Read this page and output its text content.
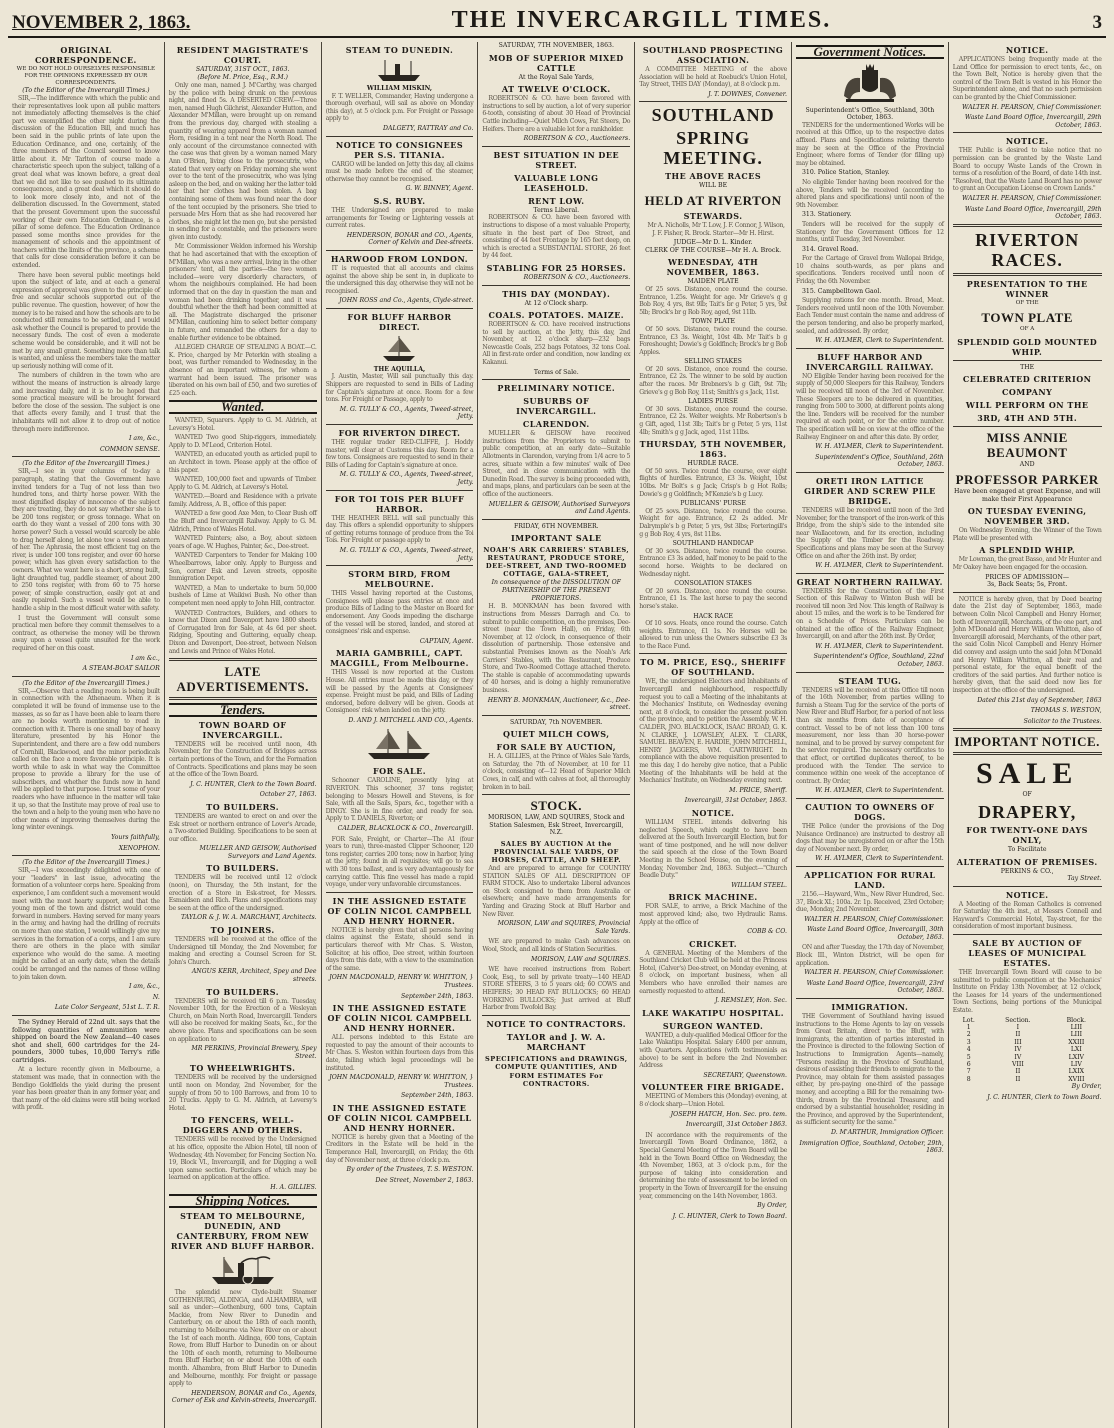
NOVEMBER 2, 1863.	THE INVERCARGILL TIMES.	3
ORIGINAL CORRESPONDENCE.
WE DO NOT HOLD OURSELVES RESPONSIBLE FOR THE OPINIONS EXPRESSED BY OUR CORRESPONDENTS.
(To the Editor of the Invercargill Times.)

SIR,—The indifference with which the public and their representatives look upon all public matters not immediately affecting themselves is the chief part we exemplified the other night during the discussion of the Education Bill, and much has been said in the public prints of late upon the Education Ordinance, and one, certainly, of the three members of the Council seemed to know little about it. Mr Tarlton of course made a characteristic speech upon the subject, talking of a great deal what was known before, a great deal that we did not like to see pushed to its ultimate consequences, and a great deal which it should do to look more closely into, and not of the deliberation discussed. In the Government, stated that the present Government upon the successful working of their own Education Ordinance, is a pillar of some defence. The Education Ordinance passed some months since provides for the management of schools and the appointment of teachers within the limits of the province, a scheme that calls for close consideration before it can be extended.

There have been several public meetings held upon the subject of late, and at each a general expression of approval was given to the principle of free and secular schools supported out of the public revenue. The question, however, of how the money is to be raised and how the schools are to be conducted still remains to be settled, and I would ask whether the Council is prepared to provide the necessary funds. The cost of even a moderate scheme would be considerable, and it will not be met by any small grant. Something more than talk is wanted, and unless the members take the matter up seriously nothing will come of it.

The numbers of children in the town who are without the means of instruction is already large and increasing daily, and it is to be hoped that some practical measure will be brought forward before the close of the session. The subject is one that affects every family, and I trust that the inhabitants will not allow it to drop out of notice through mere indifference.

I am, &c.,
COMMON SENSE.
(To the Editor of the Invercargill Times.)

SIR,—I see in your columns of to-day a paragraph, stating that the Government have invited tenders for a Tug of not less than two hundred tons, and thirty horse power. With the most dignified display of innocence of the subject they are treating, they do not say whether she is to be 200 tons register, or gross tonnage. What on earth do they want a vessel of 200 tons with 30 horse power? Such a vessel would scarcely be able to drag herself along, let alone tow a vessel astern of her. The Aphrasia, the most efficient tug on the river, is under 100 tons register, and over 60 horse power, which has given every satisfaction to the owners. What we want here is a short, strong built, light draughted tug, paddle steamer, of about 200 to 250 tons register, with from 60 to 75 horse power, of simple construction, easily got at and easily repaired. Such a vessel would be able to handle a ship in the most difficult water with safety.

I trust the Government will consult some practical men before they commit themselves to a contract, as otherwise the money will be thrown away upon a vessel quite unsuited for the work required of her on this coast.

I am &c.,
A STEAM-BOAT SAILOR
(To the Editor of the Invercargill Times.)

SIR,—Observe that a reading room is being built in connection with the Athenaeum. When it is completed it will be found of immense use to the masses, as so far as I have been able to learn there are no books worth mentioning to read in connection with it. There is one small bay of heavy literature, presented by his Honor the Superintendent, and there are a few odd numbers of Cornhill, Blackwood, and the minor periodicals called on the face a more favorable principle. It is worth while to ask in what way the Committee propose to provide a library for the use of subscribers, and whether the funds now in hand will be applied to that purpose. I trust some of your readers who have influence in the matter will take it up, so that the Institute may prove of real use to the town and a help to the young men who have no other means of improving themselves during the long winter evenings.

Yours faithfully,
XENOPHON.
(To the Editor of the Invercargill Times.)

SIR,—I was exceedingly delighted with one of your "leaders" in last issue, advocating the formation of a volunteer corps here. Speaking from experience, I am confident such a movement would meet with the most hearty support, and that the young men of the town and district would come forward in numbers. Having served for many years in the army, and having had the drilling of recruits on more than one station, I would willingly give my services in the formation of a corps, and I am sure there are others in the place with similar experience who would do the same. A meeting might be called at an early date, when the details could be arranged and the names of those willing to join taken down.

I am, &c.,
N.
Late Color Sergeant, 51st L. T. R.

The Sydney Herald of 22nd ult. says that the following quantities of ammunition were shipped on board the New Zealand—40 cases shot and shell, 600 cartridges for the 24-pounders, 3000 tubes, 10,000 Terry's rifle cartridges.

At a lecture recently given in Melbourne, a statement was made, that in connection with the Bendigo Goldfields the yield during the present year has been greater than in any former year, and that many of the old claims were still being worked with profit.

RESIDENT MAGISTRATE'S COURT.
SATURDAY, 31ST OCT., 1863.
(Before M. Price, Esq., R.M.)

Only one man, named J. M'Carthy, was charged by the police with being drunk on the previous night, and fined 5s. A DESERTED CREW.—Three men, named Hugh Gilchrist, Alexander Hutton, and Alexander M'Millan, were brought up on remand from the previous day, charged with stealing a quantity of wearing apparel from a woman named Horn, residing in a tent near the North Road. The only account of the circumstance connected with the case was that given by a woman named Mary Ann O'Brien, living close to the prosecutrix, who stated that very early on Friday morning she went over to the tent of the prosecutrix, who was lying asleep on the bed, and on waking her the latter told her that her clothes had been stolen. A bag containing some of them was found near the door of the tent occupied by the prisoners. She tried to persuade Mrs Horn that as she had recovered her clothes, she might let the men go, but she persisted in sending for a constable, and the prisoners were given into custody.

Mr. Commissioner Weldon informed his Worship that he had ascertained that with the exception of M'Millan, who was a new arrival, living in the other prisoners' tent, all the parties—the two women included—were very disorderly characters, of whom the neighbours complained. He had been informed that on the day in question the man and woman had been drinking together, and it was doubtful whether the theft had been committed at all. The Magistrate discharged the prisoner M'Millan, cautioning him to select better company in future, and remanded the others for a day to enable further evidence to be obtained.

ALLEGED CHARGE OF STEALING A BOAT.—C. K. Price, charged by Mr Peterkin with stealing a boat, was further remanded to Wednesday, in the absence of an important witness, for whom a warrant had been issued. The prisoner was liberated on his own bail of £50, and two sureties of £25 each.

Wanted.

WANTED, Squarers. Apply to G. M. Aldrich, at Leversy's Hotel.

WANTED Two good Ship-riggers, immediately. Apply to D. M'Leod, Criterion Hotel.

WANTED, an educated youth as articled pupil to an Architect in town. Please apply at the office of this paper.

WANTED, 100,000 feet and upwards of Timber. Apply to G. M. Aldrich, at Leversy's Hotel.

WANTED.—Board and Residence with a private family. Address, A. B., office of this paper.

WANTED a few good Axe Men, to Clear Bush off the Bluff and Invercargill Railway. Apply to G. M. Aldrich, Prince of Wales Hotel.

WANTED Painters; also, a Boy, about sixteen years of age. W. Hughes, Painter, &c., Dee-street.

WANTED Carpenters to Tender for Making 100 Wheelbarrows, labor only. Apply to Burgess and Son, corner Esk and Leven streets, opposite Immigration Depot.

WANTED, a Man to undertake to burn 50,000 bushels of Lime at Waikiwi Bush. No other than competent men need apply to John Hill, contractor.

WANTED Contractors, Builders, and others to know that Dixon and Davenport have 1800 sheets of Corrugated Iron for Sale, at 4s 6d per sheet. Ridging, Spouting and Guttering, equally cheap. Dixon and Davenport, Dee-street, between Nelson and Lewis and Prince of Wales Hotel.

LATE ADVERTISEMENTS.
Tenders.
TOWN BOARD OF INVERCARGILL.

TENDERS will be received until noon, 4th November, for the Construction of Bridges across certain portions of the Town, and for the Formation of Contracts. Specifications and plans may be seen at the office of the Town Board.

J. C. HUNTER, Clerk to the Town Board.
October 27, 1863.
TO BUILDERS.

TENDERS are wanted to erect on and over the Esk street or northern entrance of Lover's Arcade, a Two-storied Building. Specifications to be seen at our office.

MUELLER AND GEISOW, Authorised Surveyors and Land Agents.
TO BUILDERS.

TENDERS will be received until 12 o'clock (noon), on Thursday, the 5th instant, for the erection of a Store in Esk-street, for Messrs. Esmaidsen and Rich. Plans and specifications may be seen at the office of the undersigned.

TAYLOR & J. W. A. MARCHANT, Architects.
TO JOINERS.

TENDERS will be received at the office of the Undersigned till Monday, the 2nd November, for making and erecting a Counsel Screen for St. John's Church.

ANGUS KERR, Architect, Spey and Dee streets.
TO BUILDERS.

TENDERS will be received till 6 p.m. Tuesday, November 10th, for the Erection of a Wesleyan Church, on Main North Road, Invercargill. Tenders will also be received for making Seats, &c., for the above place. Plans and specifications can be seen on application to

MR PERKINS, Provincial Brewery, Spey Street.
TO WHEELWRIGHTS.

TENDERS will be received by the undersigned until noon on Monday, 2nd November, for the supply of from 50 to 100 Barrows, and from 10 to 20 Trucks. Apply to G. M. Aldrich, at Leversy's Hotel.

TO FENCERS, WELL-DIGGERS AND OTHERS.

TENDERS will be received by the Undersigned at his office, opposite the Albion Hotel, till noon of Wednesday, 4th November, for Fencing Section No. 19, Block VI., Invercargill, and for Digging a well upon same section. Particulars of which may be learned on application at the office.

H. A. GILLIES.
Shipping Notices.
STEAM TO MELBOURNE, DUNEDIN, AND CANTERBURY, FROM NEW RIVER AND BLUFF HARBOR.

The splendid new Clyde-built Steamer GOTHENBURG, ALDINGA, and ALHAMBRA, will sail as under:—Gothenburg, 600 tons, Captain Mackie, from New River to Dunedin and Canterbury, on or about the 18th of each month, returning to Melbourne via New River on or about the 1st of each month. Aldinga, 600 tons, Captain Rowe, from Bluff Harbor to Dunedin on or about the 10th of each month, returning to Melbourne from Bluff Harbor, on or about the 10th of each month. Alhambra, from Bluff Harbor to Dunedin and Melbourne, monthly. For freight or passage apply to

HENDERSON, BONAR and Co., Agents, Corner of Esk and Kelvin-streets, Invercargill.
STEAM TO DUNEDIN.
WILLIAM MISKIN,

F. T. WELLER, Commander, Having undergone a thorough overhaul, will sail as above on Monday (this day), at 5 o'clock p.m. For Freight or Passage apply to

DALGETY, RATTRAY and Co.
NOTICE TO CONSIGNEES PER S.S. TITANIA.

CARGO will be landed on Jetty this day, all claims must be made before the end of the steamer, otherwise they cannot be recognised.

G. W. BINNEY, Agent.
S.S. RUBY.

THE Undersigned are prepared to make arrangements for Towing or Lightering vessels at current rates.

HENDERSON, BONAR and CO., Agents, Corner of Kelvin and Dee-streets.
HARWOOD FROM LONDON.

IT is requested that all accounts and claims against the above ship be sent in, in duplicate to the undersigned this day, otherwise they will not be recognised.

JOHN ROSS and Co., Agents, Clyde-street.
FOR BLUFF HARBOR DIRECT.
THE AQUILLA,

J. Austin, Master, Will sail punctually this day. Shippers are requested to send in Bills of Lading for Captain's signature at once. Room for a few tons. For Freight or Passage, apply to

M. G. TULLY & CO., Agents, Tweed-street, Jetty.
FOR RIVERTON DIRECT.

THE regular trader RED-CLIFFE, J. Hoddy master, will clear at Customs this day. Room for a few tons. Consignees are requested to send in their Bills of Lading for Captain's signature at once.

M. G. TULLY & CO., Agents, Tweed-street, Jetty.
FOR TOI TOIS PER BLUFF HARBOR.

THE HEATHER BELL will sail punctually this day. This offers a splendid opportunity to shippers of getting returns tonnage of produce from the Toi Tois. For Freight or passage apply to

M. G. TULLY & CO., Agents, Tweed-street, Jetty.
STORM BIRD, FROM MELBOURNE.

THIS Vessel having reported at the Customs, Consignees will please pass entries at once and produce Bills of Lading to the Master on Board for endorsement. Any Goods impeding the discharge of the vessel will be stored, landed, and stored at consignees' risk and expense.

CAPTAIN, Agent.
MARIA GAMBRILL, CAPT. MACGILL, From Melbourne.

THIS Vessel is now reported at the Custom House. All entries must be made this day, or they will be passed by the Agents at Consignees' expense. Freight must be paid, and Bills of Lading endorsed, before delivery will be given. Goods at Consignees' risk when landed on the jetty.

D. AND J. MITCHELL AND CO., Agents.
FOR SALE.

Schooner CAROLINE, presently lying at RIVERTON. This schooner, 37 tons register, belonging to Messrs Howell and Stevens, is for Sale, with all the Sails, Spars, &c., together with a DINGY. She is in fine order, and ready for sea. Apply to T. DANIELS, Riverton; or

CALDER, BLACKLOCK & CO., Invercargill.

FOR Sale, Freight, or Charter—The A1 (four years to run), three-masted Clipper Schooner, 120 tons register, carries 200 tons; now in harbor, lying at the jetty; found in all requisites; will go to sea with 30 tons ballast, and is very advantageously for carrying cattle. This fine vessel has made a rapid voyage, under very unfavorable circumstances.

IN THE ASSIGNED ESTATE OF COLIN NICOL CAMPBELL AND HENRY HORNER.

NOTICE is hereby given that all persons having claims against the Estate, should send in particulars thereof with Mr Chas. S. Weston, Solicitor, at his office, Dee street, within fourteen days from this date, with a view to the examination of the same.

JOHN MACDONALD, HENRY W. WHITTON, } Trustees.
September 24th, 1863.
IN THE ASSIGNED ESTATE OF COLIN NICOL CAMPBELL AND HENRY HORNER.

ALL persons indebted to this Estate are requested to pay the amount of their accounts to Mr Chas. S. Weston within fourteen days from this date, failing which legal proceedings will be instituted.

JOHN MACDONALD, HENRY W. WHITTON, } Trustees.
September 24th, 1863.
IN THE ASSIGNED ESTATE OF COLIN NICOL CAMPBELL AND HENRY HORNER.

NOTICE is hereby given that a Meeting of the Creditors in the Estate will be held in the Temperance Hall, Invercargill, on Friday, the 6th day of November next, at three o'clock p.m.

By order of the Trustees, T. S. WESTON.
Dee Street, November 2, 1863.
SATURDAY, 7TH NOVEMBER, 1863.
MOB OF SUPERIOR MIXED CATTLE
At the Royal Sale Yards,
AT TWELVE O'CLOCK.

ROBERTSON & CO. have been favored with instructions to sell by auction, a lot of very superior 6-tooth, consisting of about 30 Head of Provincial Cattle including—Quiet Milch Cows, Fat Steers, Do Heifers. There are a valuable lot for a rankholder.

ROBERTSON & CO., Auctioneers.
BEST SITUATION IN DEE STREET.
VALUABLE LONG LEASEHOLD.
RENT LOW.
Terms Liberal.

ROBERTSON & CO. have been favored with instructions to dispose of a most valuable Property, situate in the best part of Dee Street, and consisting of 44 feet Frontage by 165 feet deep, on which is erected a SUBSTANTIAL STORE, 26 feet by 44 feet.

STABLING FOR 25 HORSES.
ROBERTSON & CO., Auctioneers.
THIS DAY (MONDAY).
At 12 o'Clock sharp.
COALS. POTATOES. MAIZE.

ROBERTSON & CO. have received instructions to sell by auction, at the Jetty, this day, 2nd November, at 12 o'clock sharp—232 bags Newcastle Coals, 252 bags Potatoes, 32 tons Coal. All in first-rate order and condition, now landing ex Kakanui.

Terms of Sale.
PRELIMINARY NOTICE.
SUBURBS OF INVERCARGILL.
CLARENDON.

MUELLER & GEISOW have received instructions from the Proprietors to submit to public competition, at an early date—Suitable Allotments in Clarendon, varying from 1/4 acre to 5 acres, situate within a few minutes' walk of Dee Street, and in close communication with the Dunedin Road. The survey is being proceeded with, and maps, plans, and particulars can be seen at the office of the auctioneers.

MUELLER & GEISOW, Authorised Surveyors and Land Agents.
FRIDAY, 6TH NOVEMBER.
IMPORTANT SALE
NOAH'S ARK CARRIERS' STABLES, RESTAURANT, PRODUCE STORE, DEE-STREET, AND TWO-ROOMED COTTAGE, GALA-STREET,
In consequence of the DISSOLUTION OF PARTNERSHIP OF THE PRESENT PROPRIETORS.

H. B. MONKMAN has been favored with instructions from Messrs Darragh and Co. to submit to public competition, on the premises, Dee-street (near the Town Hall), on Friday, 6th November, at 12 o'clock, in consequence of their dissolution of partnership. Those extensive and substantial Premises known as the Noah's Ark Carriers' Stables, with the Restaurant, Produce Store, and Two-Roomed Cottage attached thereto. The stable is capable of accommodating upwards of 40 horses, and is doing a highly remunerative business.

HENRY B. MONKMAN, Auctioneer, &c., Dee-street.
SATURDAY, 7th NOVEMBER.
QUIET MILCH COWS,
FOR SALE BY AUCTION,

H. A. GILLIES, at the Prince of Wales Sale Yards, on Saturday, the 7th of November, at 10 for 11 o'clock, consisting of—12 Head of Superior Milch Cows, in calf, and with calves at foot, all thoroughly broken in to bail.

STOCK.
MORISON, LAW, AND SQUIRES, Stock and Station Salesmen, Esk Street, Invercargill, N.Z.
SALES BY AUCTION At the PROVINCIAL SALE YARDS, OF HORSES, CATTLE, AND SHEEP.

And are prepared to arrange for COUNTRY STATION SALES OF ALL DESCRIPTION OF FARM STOCK. Also to undertake Liberal advances on Stock consigned to them from Australia or elsewhere; and have made arrangements for Yarding and Grazing Stock at Bluff Harbor and New River.

MORISON, LAW and SQUIRES, Provincial Sale Yards.

WE are prepared to make Cash advances on Wool, Stock, and all kinds of Station Securities.

MORISON, LAW and SQUIRES.

WE have received instructions from Robert Cook, Esq., to sell by private treaty—140 HEAD STORE STEERS, 3 to 5 years old; 60 COWS and HEIFERS; 30 HEAD FAT BULLOCKS; 60 HEAD WORKING BULLOCKS; Just arrived at Bluff Harbor from Twofold Bay.

NOTICE TO CONTRACTORS.
TAYLOR and J. W. A. MARCHANT
SPECIFICATIONS and DRAWINGS, COMPUTE QUANTITIES, AND FORM ESTIMATES For CONTRACTORS.
SOUTHLAND PROSPECTING ASSOCIATION.

A COMMITTEE MEETING of the above Association will be held at Roebuck's Union Hotel, Tay Street, THIS DAY (Monday), at 8 o'clock p.m.

J. T. DOWNES, Convener.
SOUTHLAND
SPRING MEETING.
THE ABOVE RACES
WILL BE
HELD AT RIVERTON
STEWARDS.

Mr A. Nicholls, Mr T. Low, J. F. Connor, J. Wilson, J. F. Fisher, R. Brock. Starter—Mr H. Hirst.

JUDGE—Mr D. L. Kinder.
CLERK OF THE COURSE—Mr H. A. Brock.
WEDNESDAY, 4TH NOVEMBER, 1863.
MAIDEN PLATE

Of 25 sovs. Distance, once round the course. Entrance, 1.25s. Weight for age. Mr Grieve's g g Bob Roy, 4 yrs, 8st 9lb; Tait's br g Peter, 5 yrs, 9st 5lb; Brock's br g Rob Roy, aged, 9st 11lb.

TOWN PLATE

Of 50 sovs. Distance, twice round the course. Entrance, £3 3s. Weight, 10st 4lb. Mr Tait's b g Foreshought; Dowie's g Goldfinch; Brock's br g Bob Apples.

SELLING STAKES

Of 20 sovs. Distance, once round the course. Entrance, £2 2s. The winner to be sold by auction after the races. Mr Brebners's b g Gift, 9st 7lb; Grieve's g g Bob Roy, 11st; Smith's g s Jack, 11st.

LADIES PURSE

Of 30 sovs. Distance, once round the course. Entrance, £2 2s. Welter weights. Mr Robertson's b g Gift, aged, 11st 3lb; Tait's br g Peter, 5 yrs, 11st 4lb; Smith's g g Jack, aged, 11st 11lbs.

THURSDAY, 5TH NOVEMBER, 1863.
HURDLE RACE.

Of 50 sovs. Twice round the course, over eight flights of hurdles. Entrance, £3 3s. Weight, 10st 10lbs. Mr Bolt's s g Jack; Crisp's b g Hot Rolls; Dowie's g g Goldfinch; M'Kenzie's b g Lucy.

PUBLICANS' PURSE

Of 25 sovs. Distance, twice round the course. Weight for age. Entrance, £2 2s added. Mr Dalrymple's b g Peter, 5 yrs, 9st 3lbs; Forteringill's g g Bob Roy, 4 yrs, 8st 11lbs.

SOUTHLAND HANDICAP

Of 30 sovs. Distance, twice round the course. Entrance £3 3s added, half money to be paid to the second horse. Weights to be declared on Wednesday night.

CONSOLATION STAKES

Of 20 sovs. Distance, once round the course. Entrance, £1 1s. The last horse to pay the second horse's stake.

HACK RACE

Of 10 sovs. Heats, once round the course. Catch weights. Entrance, £1 1s. No Horses will be allowed to run unless the Owners subscribe £3 3s to the Race Fund.

TO M. PRICE, ESQ., SHERIFF OF SOUTHLAND.

WE, the undersigned Electors and Inhabitants of Invercargill and neighbourhood, respectfully request you to call a Meeting of the inhabitants at the Mechanics' Institute, on Wednesday evening next, at 8 o'clock, to consider the present position of the province, and to petition the Assembly. W. H. CALDER, JNO. BLACKLOCK, ISAAC BROAD, G. K. N. CLARKE, J. LOWSLEY, ALEX. T. CLARK, SAMUEL BEAVEN, E. HARDIE, JOHN MITCHELL, HENRY JAGGERS, WM. CARTWRIGHT. In compliance with the above requisition presented to me this day, I do hereby give notice, that a Public Meeting of the Inhabitants will be held at the Mechanics' Institute, on Wednesday evening next.

M. PRICE, Sheriff.
Invercargill, 31st October, 1863.
NOTICE.

WILLIAM STEEL intends delivering his neglected Speech, which ought to have been delivered at the South Invercargill Election, but for want of time postponed, and he will now deliver the said speech at the close of the Town Board Meeting in the School House, on the evening of Monday, November 2nd, 1863. Subject—"Church Beadle Duty."

WILLIAM STEEL.
BRICK MACHINE.

FOR SALE, to arrive, a Brick Machine of the most approved kind; also, two Hydraulic Rams. Apply at the office of

COBB & CO.
CRICKET.

A GENERAL Meeting of the Members of the Southland Cricket Club will be held at the Princess Hotel, (Calver's) Dee-street, on Monday evening, at 8 o'clock, on important business, when all Members who have enrolled their names are earnestly requested to attend.

J. REMSLEY, Hon. Sec.
LAKE WAKATIPU HOSPITAL.
SURGEON WANTED.

WANTED, a duly-qualified Medical Officer for the Lake Wakatipu Hospital. Salary £400 per annum, with Quarters. Applications (with testimonials as above) to be sent in before the 2nd November. Address

SECRETARY, Queenstown.
VOLUNTEER FIRE BRIGADE.

MEETING of Members this (Monday) evening, at 8 o'clock sharp—Union Hotel.

JOSEPH HATCH, Hon. Sec. pro. tem.
Invercargill, 31st October 1863.

IN accordance with the requirements of the Invercargill Town Board Ordinance, 1862, a Special General Meeting of the Town Board will be held in the Town Board Office on Wednesday, the 4th November, 1863, at 3 o'clock p.m., for the purpose of taking into consideration and determining the rate of assessment to be levied on property in the Town of Invercargill for the ensuing year, commencing on the 14th November, 1863.

By Order,
J. C. HUNTER, Clerk to Town Board.
Government Notices.
Superintendent's Office, Southland, 30th October, 1863.

TENDERS for the undermentioned Works will be received at this Office, up to the respective dates affixed. Plans and Specifications relating thereto may be seen at the Office of the Provincial Engineer, where forms of Tender (for filling up) may be obtained.

310. Police Station, Stanley.

No eligible Tender having been received for the above, Tenders will be received (according to altered plans and specifications) until noon of the 9th November.

313. Stationery.

Tenders will be received for the supply of Stationery for the Government Offices for 12 months, until Tuesday, 3rd November.

314. Gravel Road.

For the Cartage of Gravel from Wallopai Bridge, 10 chains south-wards, as per plans and specifications. Tenders received until noon of Friday, the 6th November.

315. Campbelltown Gaol.

Supplying rations for one month. Bread, Meat. Tenders received until noon of the 10th November. Each Tender must contain the name and address of the person tendering, and also be properly marked, sealed, and addressed. By order,

W. H. AYLMER, Clerk to Superintendent.
BLUFF HARBOR AND INVERCARGILL RAILWAY.

NO Eligible Tender having been received for the supply of 50,000 Sleepers for this Railway, Tenders will be received till noon of the 3rd of November. These Sleepers are to be delivered in quantities, ranging from 500 to 3000, at different points along the line. Tenders will be received for the number required at each point, or for the entire number. The specification will be on view at the office of the Railway Engineer on and after this date. By order,

W. H. AYLMER, Clerk to Superintendent.
Superintendent's Office, Southland, 26th October, 1863.
ORETI IRON LATTICE GIRDER AND SCREW PILE BRIDGE.

TENDERS will be received until noon of the 3rd November, for the transport of the iron-work of this Bridge, from the ship's side to the intended site near Wallacetown, and for its erection, including the Supply of the Timber for the Roadway. Specifications and plans may be seen at the Survey Office on and after the 26th inst. By order,

W. H. AYLMER, Clerk to Superintendent.
GREAT NORTHERN RAILWAY.

TENDERS for the Construction of the First Section of this Railway to Winton Bush will be received till noon 3rd Nov. This length of Railway is about 15 miles, and the work is to be Tendered for on a Schedule of Prices. Particulars can be obtained at the office of the Railway Engineer, Invercargill, on and after the 26th inst. By Order,

W. H. AYLMER, Clerk to Superintendent.
Superintendent's Office, Southland, 22nd October, 1863.
STEAM TUG.

TENDERS will be received at this Office till noon of the 16th November, from parties willing to furnish a Steam Tug for the service of the ports of New River and Bluff Harbor, for a period of not less than six months from date of acceptance of contract. Vessel to be of not less than 100 tons measurement, nor less than 30 horse-power nominal, and to be proved by survey competent for the service required. The necessary certificates to that effect, or certified duplicates thereof, to be produced with the Tender. The service to commence within one week of the acceptance of contract. By Order,

W. H. AYLMER, Clerk to Superintendent.
CAUTION TO OWNERS OF DOGS.

THE Police (under the provisions of the Dog Nuisance Ordinance) are instructed to destroy all dogs that may be unregistered on or after the 15th day of November next. By order,

W. H. AYLMER, Clerk to Superintendent.
APPLICATION FOR RURAL LAND.

2156.—Hayward, Wm., New River Hundred, Sec. 37, Block XI.; 100a. 2r. 1p. Received, 23rd October; due, Monday, 2nd November.

WALTER H. PEARSON, Chief Commissioner.
Waste Land Board Office, Invercargill, 30th October, 1863.

ON and after Tuesday, the 17th day of November, Block III., Winton District, will be open for application.

WALTER H. PEARSON, Chief Commissioner.
Waste Land Board Office, Invercargill, 23rd October, 1863.
IMMIGRATION.

THE Government of Southland having issued instructions to the Home Agents to lay on vessels from Great Britain, direct to the Bluff, with immigrants, the attention of parties interested in the Province is directed to the following Section of Instructions to Immigration Agents—namely, "Persons residing in the Province of Southland, desirous of assisting their friends to emigrate to the Province, may obtain for them assisted passages either, by pre-paying one-third of the passage money, and accepting a Bill for the remaining two-thirds, drawn by the Provincial Treasurer, and endorsed by a substantial householder, residing in the Province, and approved by the Superintendent, as sufficient security for the same."

D. M'ARTHUR, Immigration Officer.
Immigration Office, Southland, October, 29th, 1863.
NOTICE.

APPLICATIONS being frequently made at the Land Office for permission to erect tents, &c., on the Town Belt, Notice is hereby given that the control of the Town Belt is vested in his Honor the Superintendent alone, and that no such permission can be granted by the Chief Commissioner.

WALTER H. PEARSON, Chief Commissioner.
Waste Land Board Office, Invercargill, 29th October, 1863.
NOTICE.

THE Public is desired to take notice that no permission can be granted by the Waste Land Board to occupy Waste Lands of the Crown in terms of a resolution of the Board, of date 14th inst. "Resolved, that the Waste Land Board has no power to grant an Occupation License on Crown Lands."

WALTER H. PEARSON, Chief Commissioner.
Waste Land Board Office, Invercargill, 29th October, 1863.
RIVERTON RACES.
PRESENTATION TO THE WINNER
OF THE
TOWN PLATE
OF A
SPLENDID GOLD MOUNTED WHIP.
THE
CELEBRATED CRITERION
COMPANY
WILL PERFORM ON THE
3RD, 4TH AND 5TH.
MISS ANNIE BEAUMONT
AND
PROFESSOR PARKER
Have been engaged at great Expense, and will make their First Appearance
ON TUESDAY EVENING, NOVEMBER 3RD.

On Wednesday Evening, the Winner of the Town Plate will be presented with

A SPLENDID WHIP.

Mr Lowman, the great Basso, and Mr Hunter and Mr Oakey have been engaged for the occasion.

PRICES OF ADMISSION—
3s, Back Seats; 5s, Front.

NOTICE is hereby given, that by Deed bearing date the 21st day of September, 1863, made between Colin Nicol Campbell and Henry Horner, both of Invercargill, Merchants, of the one part, and John M'Donald and Henry William Whitton, also of Invercargill aforesaid, Merchants, of the other part, the said Colin Nicol Campbell and Henry Horner did convey and assign unto the said John M'Donald and Henry William Whitton, all their real and personal estate, for the equal benefit of the creditors of the said parties. And further notice is hereby given, that the said deed now lies for inspection at the office of the undersigned.

Dated this 21st day of September, 1863
THOMAS S. WESTON,
Solicitor to the Trustees.
IMPORTANT NOTICE.
SALE
OF
DRAPERY,
FOR TWENTY-ONE DAYS ONLY,
To Facilitate
ALTERATION OF PREMISES.
PERKINS & CO.,
Tay Street.
NOTICE.

A Meeting of the Roman Catholics is convened for Saturday the 4th inst., at Messrs Connell and Hayward's Commercial Hotel, Tay-street, for the consideration of most important business.

SALE BY AUCTION OF LEASES OF MUNICIPAL ESTATES.

THE Invercargill Town Board will cause to be submitted to public competition at the Mechanics' Institute on Friday 13th November, at 12 o'clock, the Leases for 14 years of the undermentioned Town Sections, being portions of the Municipal Estate.

Lot.	Section.	Block.
1	I	LIII
2	II	LIII
3	III	XXIII
4	IV	LXI
5	IV	LXIV
6	VIII	LIV
7	II	LXIX
8	II	XVIII
By Order,
J. C. HUNTER, Clerk to Town Board.
